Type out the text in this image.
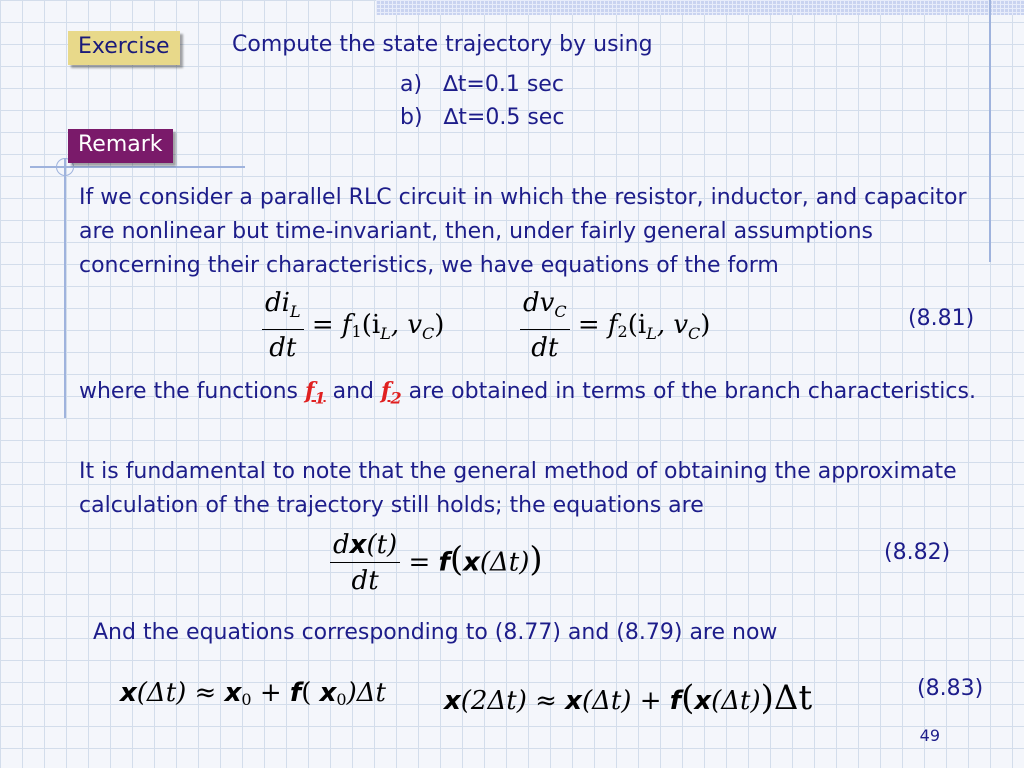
Exercise	Compute the state trajectory by using
a) ∆t=0.1 sec
b) ∆t=0.5 sec
Remark
If we consider a parallel RLC circuit in which the resistor, inductor, and capacitor are nonlinear but time-invariant, then, under fairly general assumptions concerning their characteristics, we have equations of the form
$\frac{di_L}{dt} = f1(i_L$, $v_C$)	$\frac{dv_C}{dt} = f2(i_L$, $v_C$)	(8.81)
where the functions $f_1$ and $f_2$ are obtained in terms of the branch characteristics.
It is fundamental to note that the general method of obtaining the approximate calculation of the trajectory still holds; the equations are
$\frac{dx(t)}{dt} = f(x(\Delta t))$	(8.82)
And the equations corresponding to (8.77) and (8.79) are now
x(Δt) ≈ x0 + f( x0)Δt x(2Δt) ≈ x(Δt) + f(x(Δt))Δt	(8.83)
49
